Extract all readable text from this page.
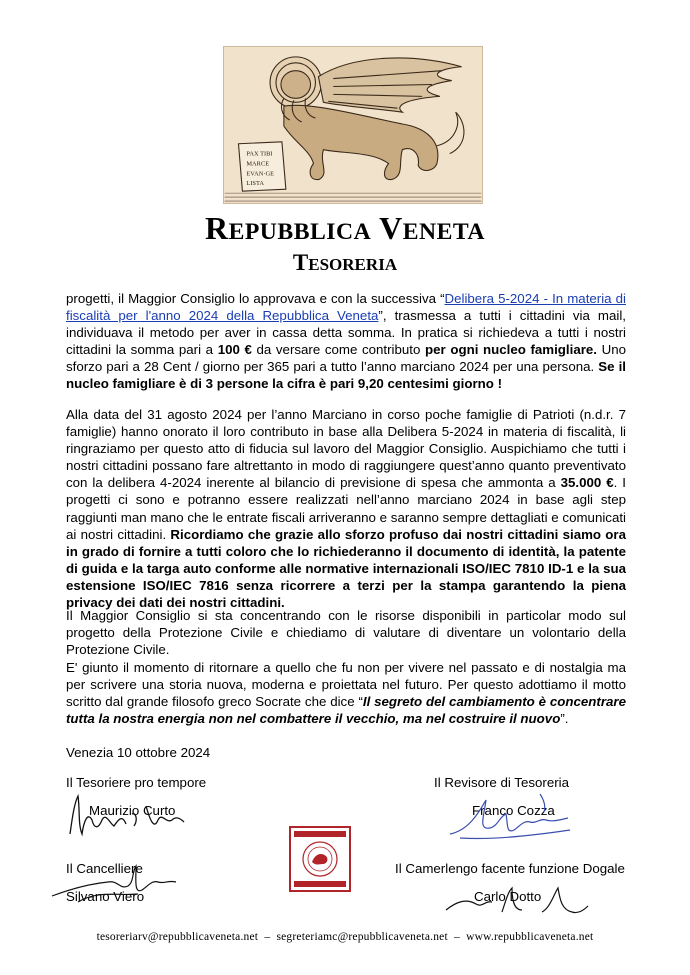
PAX TIBI
MARCE
EVAN·GE
LISTA
REPUBBLICA VENETA
TESORERIA
progetti, il Maggior Consiglio lo approvava e con la successiva “Delibera 5-2024 - In materia di fiscalità per l'anno 2024 della Repubblica Veneta”, trasmessa a tutti i cittadini via mail, individuava il metodo per aver in cassa detta somma. In pratica si richiedeva a tutti i nostri cittadini la somma pari a 100 € da versare come contributo per ogni nucleo famigliare. Uno sforzo pari a 28 Cent / giorno per 365 pari a tutto l’anno marciano 2024 per una persona. Se il nucleo famigliare è di 3 persone la cifra è pari 9,20 centesimi giorno !
Alla data del 31 agosto 2024 per l’anno Marciano in corso poche famiglie di Patrioti (n.d.r. 7 famiglie) hanno onorato il loro contributo in base alla Delibera 5-2024 in materia di fiscalità, li ringraziamo per questo atto di fiducia sul lavoro del Maggior Consiglio. Auspichiamo che tutti i nostri cittadini possano fare altrettanto in modo di raggiungere quest’anno quanto preventivato con la delibera 4-2024 inerente al bilancio di previsione di spesa che ammonta a 35.000 €. I progetti ci sono e potranno essere realizzati nell’anno marciano 2024 in base agli step raggiunti man mano che le entrate fiscali arriveranno e saranno sempre dettagliati e comunicati ai nostri cittadini. Ricordiamo che grazie allo sforzo profuso dai nostri cittadini siamo ora in grado di fornire a tutti coloro che lo richiederanno il documento di identità, la patente di guida e la targa auto conforme alle normative internazionali ISO/IEC 7810 ID-1 e la sua estensione ISO/IEC 7816 senza ricorrere a terzi per la stampa garantendo la piena privacy dei dati dei nostri cittadini.
Il Maggior Consiglio si sta concentrando con le risorse disponibili in particolar modo sul progetto della Protezione Civile e chiediamo di valutare di diventare un volontario della Protezione Civile.
E' giunto il momento di ritornare a quello che fu non per vivere nel passato e di nostalgia ma per scrivere una storia nuova, moderna e proiettata nel futuro. Per questo adottiamo il motto scritto dal grande filosofo greco Socrate che dice “Il segreto del cambiamento è concentrare tutta la nostra energia non nel combattere il vecchio, ma nel costruire il nuovo”.
Venezia 10 ottobre 2024
Il Tesoriere pro tempore
Maurizio Curto
Il Revisore di Tesoreria
Franco Cozza
Il Cancelliere
Silvano Viero
Il Camerlengo facente funzione Dogale
Carlo Dotto
tesoreriarv@repubblicaveneta.net – segreteriamc@repubblicaveneta.net – www.repubblicaveneta.net
